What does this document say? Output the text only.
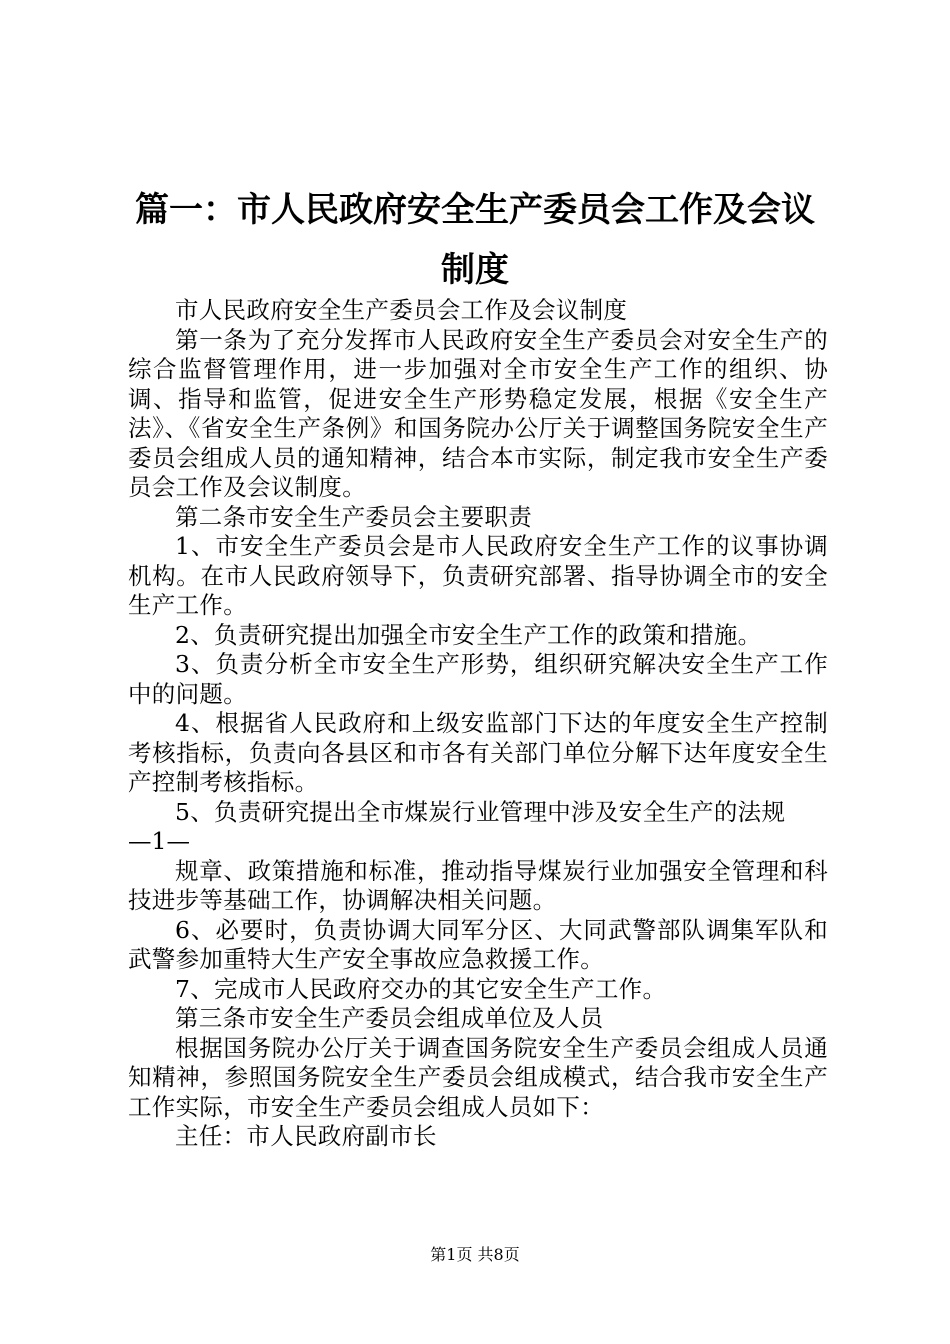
篇一：市人民政府安全生产委员会工作及会议
制度

市人民政府安全生产委员会工作及会议制度

第一条为了充分发挥市人民政府安全生产委员会对安全生产的综合监督管理作用，进一步加强对全市安全生产工作的组织、协调、指导和监管，促进安全生产形势稳定发展，根据《安全生产法》、《省安全生产条例》和国务院办公厅关于调整国务院安全生产委员会组成人员的通知精神，结合本市实际，制定我市安全生产委员会工作及会议制度。

第二条市安全生产委员会主要职责

1、市安全生产委员会是市人民政府安全生产工作的议事协调机构。在市人民政府领导下，负责研究部署、指导协调全市的安全生产工作。

2、负责研究提出加强全市安全生产工作的政策和措施。

3、负责分析全市安全生产形势，组织研究解决安全生产工作中的问题。

4、根据省人民政府和上级安监部门下达的年度安全生产控制考核指标，负责向各县区和市各有关部门单位分解下达年度安全生产控制考核指标。

5、负责研究提出全市煤炭行业管理中涉及安全生产的法规

—1—

规章、政策措施和标准，推动指导煤炭行业加强安全管理和科技进步等基础工作，协调解决相关问题。

6、必要时，负责协调大同军分区、大同武警部队调集军队和武警参加重特大生产安全事故应急救援工作。

7、完成市人民政府交办的其它安全生产工作。

第三条市安全生产委员会组成单位及人员

根据国务院办公厅关于调查国务院安全生产委员会组成人员通知精神，参照国务院安全生产委员会组成模式，结合我市安全生产工作实际，市安全生产委员会组成人员如下：

主任：市人民政府副市长

第1页 共8页
